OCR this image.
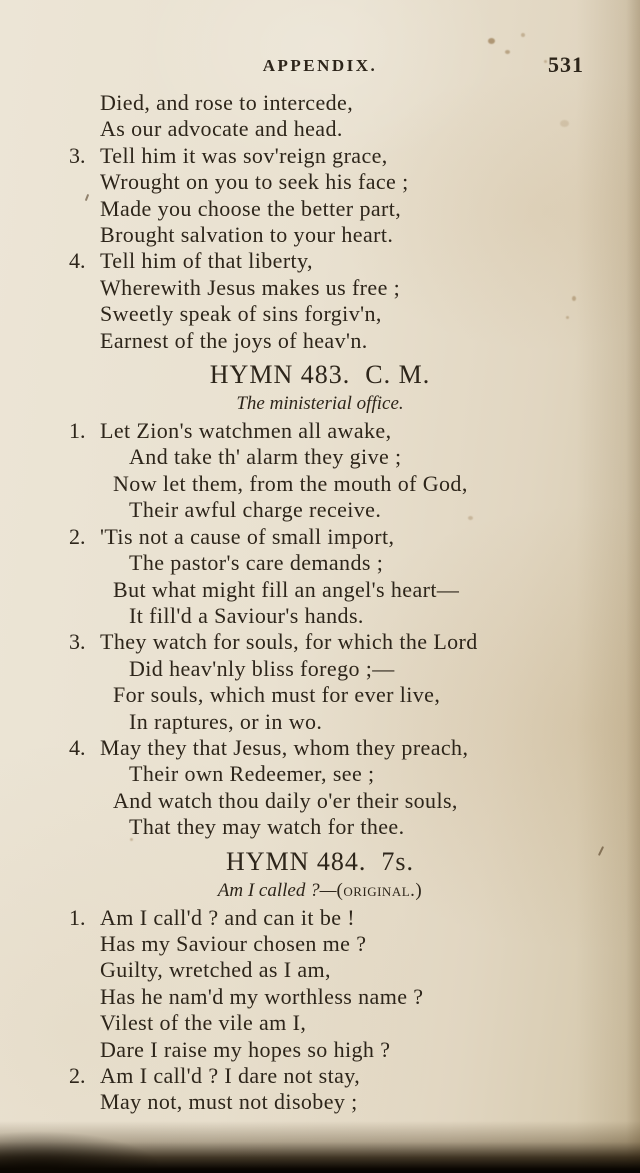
APPENDIX.	531
Died, and rose to intercede,
As our advocate and head.
3. Tell him it was sov'reign grace,
Wrought on you to seek his face ;
Made you choose the better part,
Brought salvation to your heart.
4. Tell him of that liberty,
Wherewith Jesus makes us free ;
Sweetly speak of sins forgiv'n,
Earnest of the joys of heav'n.
HYMN 483.  C. M.
The ministerial office.
1. Let Zion's watchmen all awake,
And take th' alarm they give ;
Now let them, from the mouth of God,
Their awful charge receive.
2. 'Tis not a cause of small import,
The pastor's care demands ;
But what might fill an angel's heart—
It fill'd a Saviour's hands.
3. They watch for souls, for which the Lord
Did heav'nly bliss forego ;—
For souls, which must for ever live,
In raptures, or in wo.
4. May they that Jesus, whom they preach,
Their own Redeemer, see ;
And watch thou daily o'er their souls,
That they may watch for thee.
HYMN 484.  7s.
Am I called ?—(original.)
1. Am I call'd ? and can it be !
Has my Saviour chosen me ?
Guilty, wretched as I am,
Has he nam'd my worthless name ?
Vilest of the vile am I,
Dare I raise my hopes so high ?
2. Am I call'd ? I dare not stay,
May not, must not disobey ;
